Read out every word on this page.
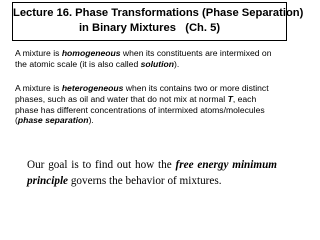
Lecture 16. Phase Transformations (Phase Separation)
in Binary Mixtures   (Ch. 5)

A mixture is homogeneous when its constituents are intermixed on
the atomic scale (it is also called solution).

A mixture is heterogeneous when its contains two or more distinct
phases, such as oil and water that do not mix at normal T, each
phase has different concentrations of intermixed atoms/molecules
(phase separation).

Our goal is to find out how the free energy minimum
principle governs the behavior of mixtures.
